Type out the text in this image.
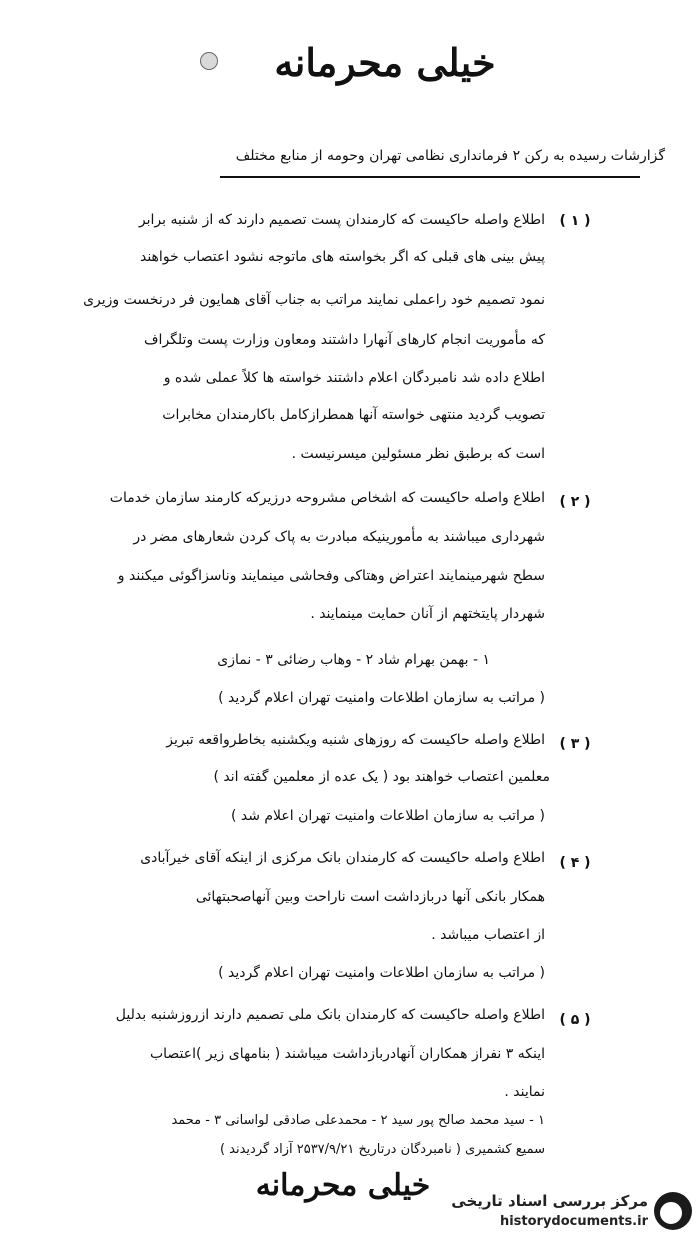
خیلی محرمانه
گزارشات رسیده به رکن ۲ فرمانداری نظامی تهران وحومه از منابع مختلف
( ۱ )
اطلاع واصله حاکیست که کارمندان پست تصمیم دارند که از شنبه برابر
پیش بینی های قبلی که اگر بخواسته های ماتوجه نشود اعتصاب خواهند
نمود تصمیم خود راعملی نمایند مراتب به جناب آقای همایون فر درنخست وزیری
که مأموریت انجام کارهای آنهارا داشتند ومعاون وزارت پست وتلگراف
اطلاع داده شد نامبردگان اعلام داشتند خواسته ها کلاً عملی شده و
تصویب گردید منتهی خواسته آنها همطرازکامل باکارمندان مخابرات
است که برطبق نظر مسئولین میسرنیست .
( ۲ )
اطلاع واصله حاکیست که اشخاص مشروحه درزیرکه کارمند سازمان خدمات
شهرداری میباشند به مأمورینیکه مبادرت به پاک کردن شعارهای مضر در
سطح شهرمینمایند اعتراض وهتاکی وفحاشی مینمایند وناسزاگوئی میکنند و
شهردار پایتختهم از آنان حمایت مینمایند .
۱ - بهمن بهرام شاد ۲ - وهاب رضائی ۳ - نمازی
( مراتب به سازمان اطلاعات وامنیت تهران اعلام گردید )
( ۳ )
اطلاع واصله حاکیست که روزهای شنبه ویکشنبه بخاطرواقعه تبریز
معلمین اعتصاب خواهند بود ( یک عده از معلمین گفته اند )
( مراتب به سازمان اطلاعات وامنیت تهران اعلام شد )
( ۴ )
اطلاع واصله حاکیست که کارمندان بانک مرکزی از اینکه آقای خیرآبادی
همکار بانکی آنها دربازداشت است ناراحت وبین آنهاصحبتهائی
از اعتصاب میباشد .
( مراتب به سازمان اطلاعات وامنیت تهران اعلام گردید )
( ۵ )
اطلاع واصله حاکیست که کارمندان بانک ملی تصمیم دارند ازروزشنبه بدلیل
اینکه ۳ نفراز همکاران آنهادربازداشت میباشند ( بنامهای زیر )اعتصاب
نمایند .
۱ - سید محمد صالح پور سید ۲ - محمدعلی صادقی لواسانی ۳ - محمد
سمیع کشمیری ( نامبردگان درتاریخ ۲۵۳۷/۹/۲۱ آزاد گردیدند )
خیلی محرمانه	مرکز بررسی اسناد تاریخی
historydocuments.ir
